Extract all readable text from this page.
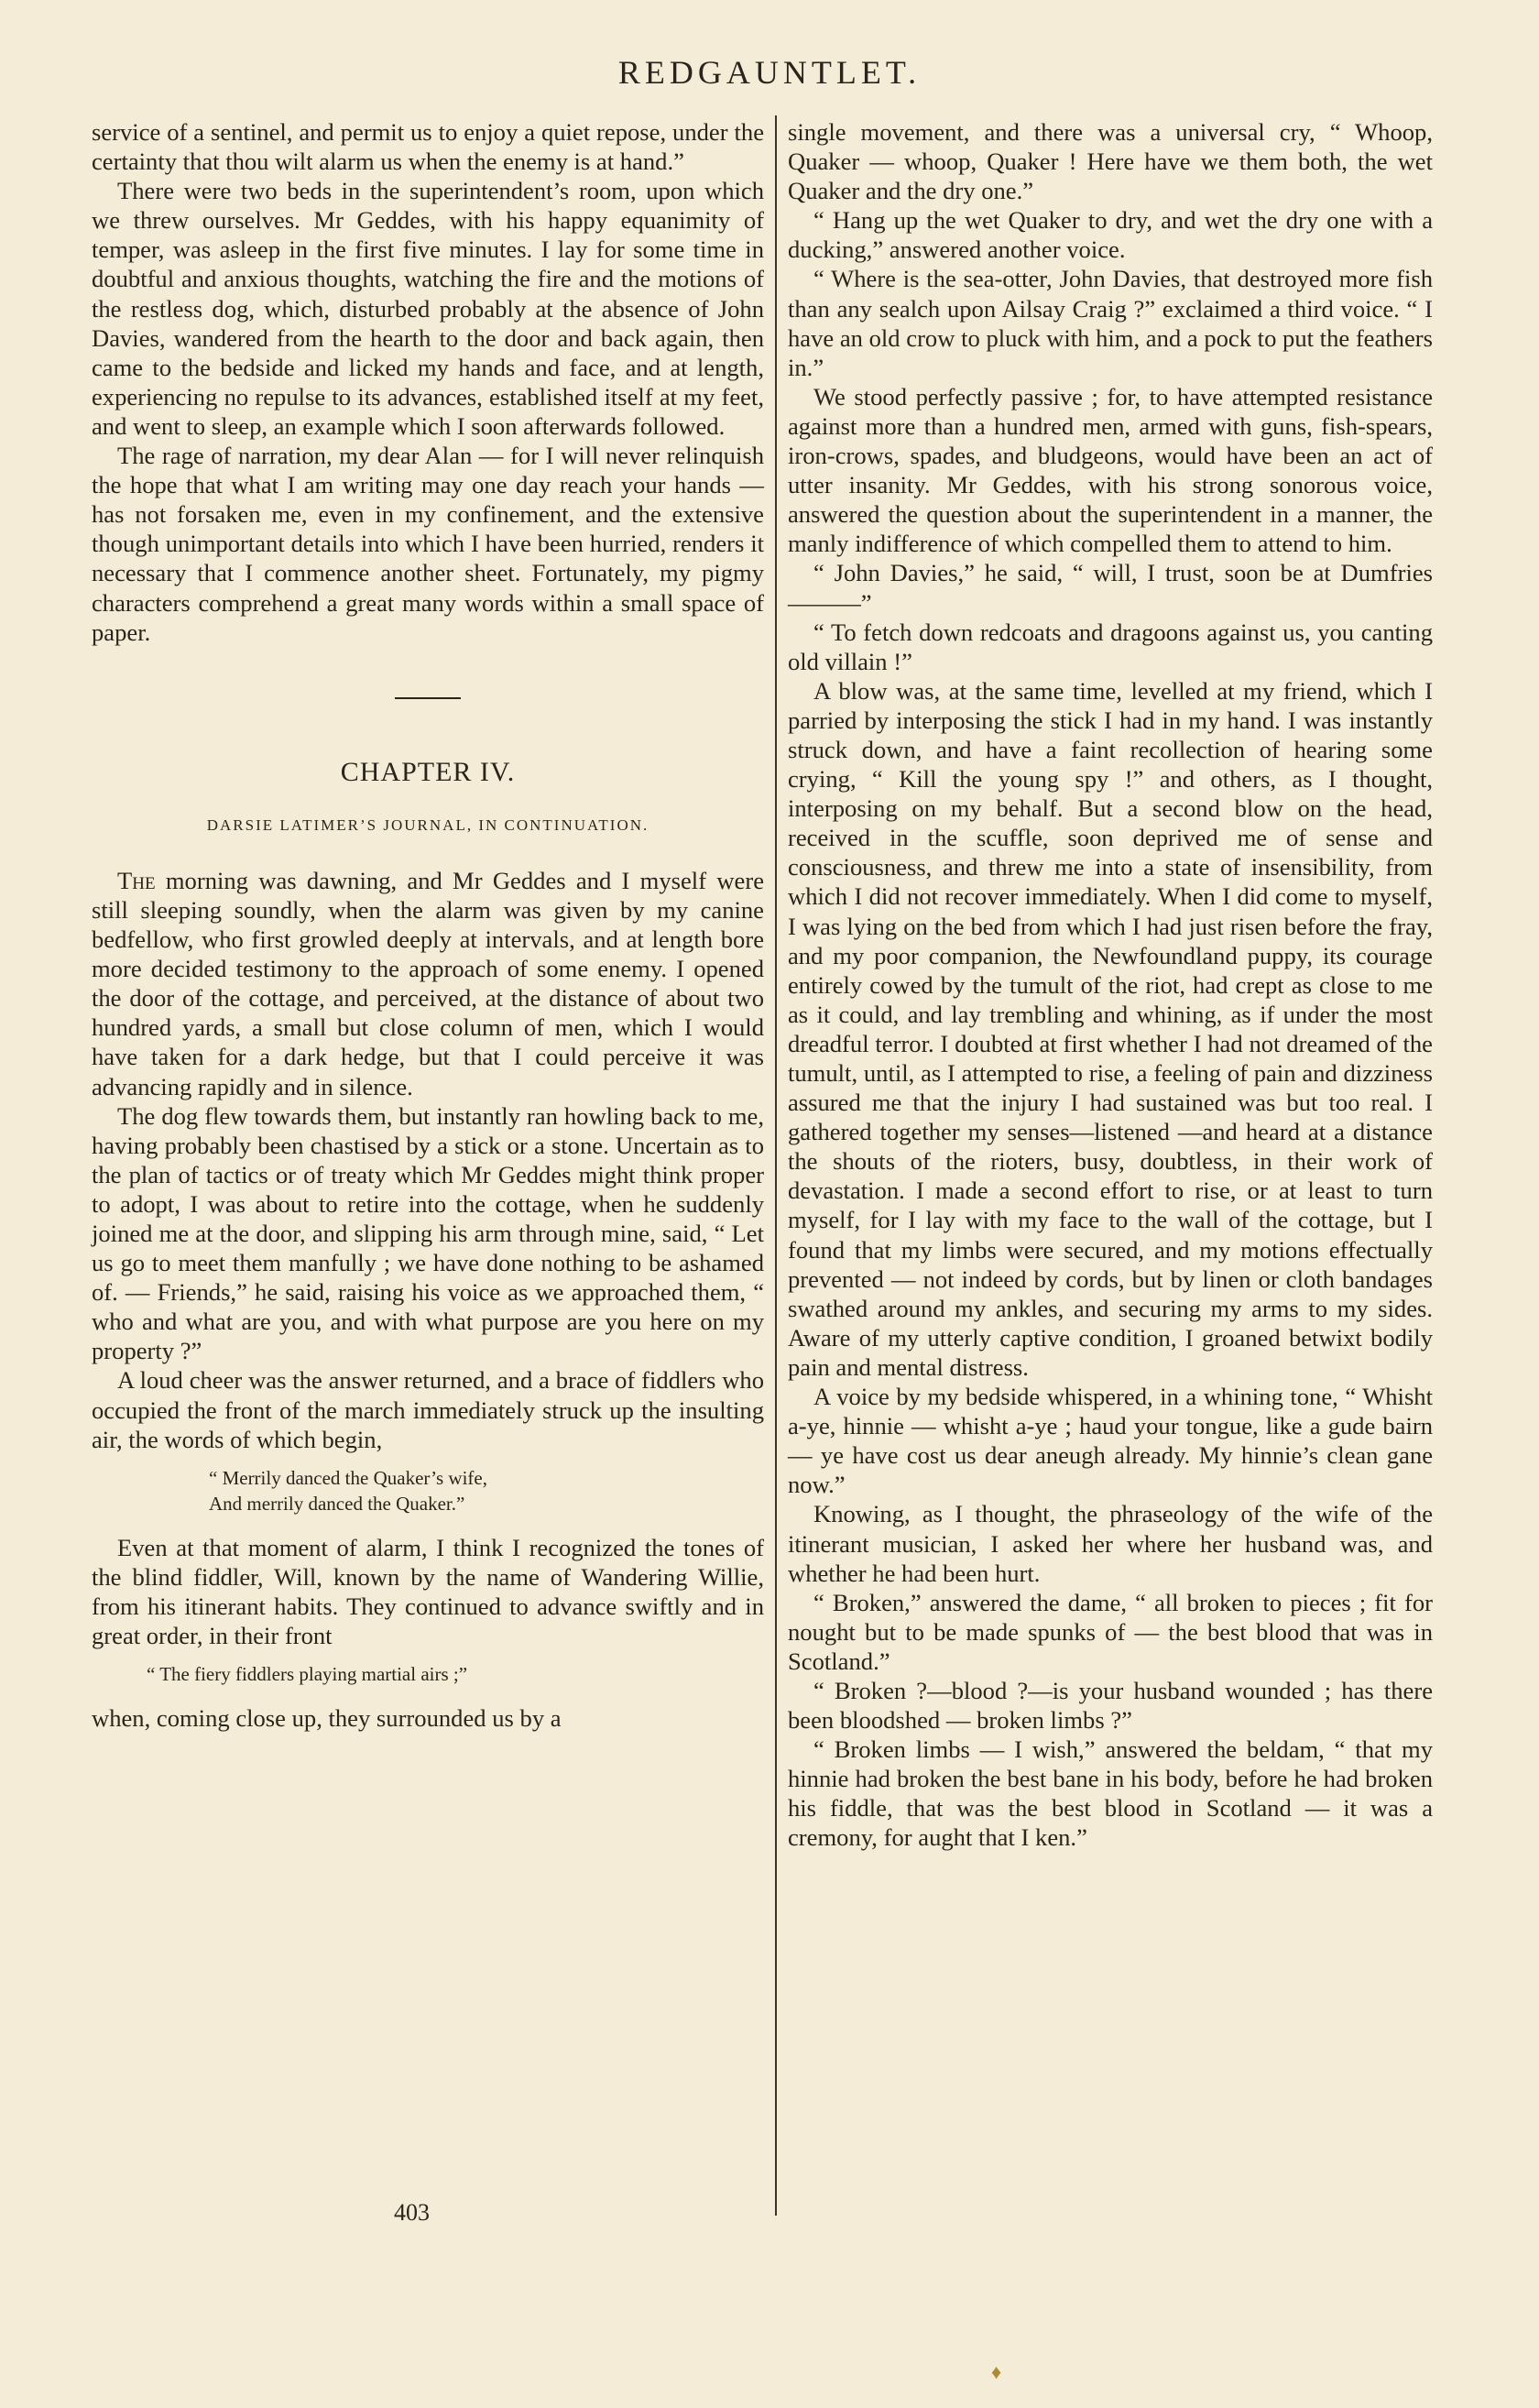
REDGAUNTLET.

service of a sentinel, and permit us to enjoy a quiet repose, under the certainty that thou wilt alarm us when the enemy is at hand.”

There were two beds in the superintendent’s room, upon which we threw ourselves. Mr Geddes, with his happy equanimity of temper, was asleep in the first five minutes. I lay for some time in doubtful and anxious thoughts, watching the fire and the motions of the restless dog, which, disturbed probably at the absence of John Davies, wandered from the hearth to the door and back again, then came to the bedside and licked my hands and face, and at length, experiencing no repulse to its advances, established itself at my feet, and went to sleep, an example which I soon afterwards followed.

The rage of narration, my dear Alan — for I will never relinquish the hope that what I am writing may one day reach your hands — has not forsaken me, even in my confinement, and the extensive though unimportant details into which I have been hurried, renders it necessary that I commence another sheet. Fortunately, my pigmy characters comprehend a great many words within a small space of paper.

CHAPTER IV.
DARSIE LATIMER’S JOURNAL, IN CONTINUATION.

The morning was dawning, and Mr Geddes and I myself were still sleeping soundly, when the alarm was given by my canine bedfellow, who first growled deeply at intervals, and at length bore more decided testimony to the approach of some enemy. I opened the door of the cottage, and perceived, at the distance of about two hundred yards, a small but close column of men, which I would have taken for a dark hedge, but that I could perceive it was advancing rapidly and in silence.

The dog flew towards them, but instantly ran howling back to me, having probably been chastised by a stick or a stone. Uncertain as to the plan of tactics or of treaty which Mr Geddes might think proper to adopt, I was about to retire into the cottage, when he suddenly joined me at the door, and slipping his arm through mine, said, “ Let us go to meet them manfully ; we have done nothing to be ashamed of. — Friends,” he said, raising his voice as we approached them, “ who and what are you, and with what purpose are you here on my property ?”

A loud cheer was the answer returned, and a brace of fiddlers who occupied the front of the march immediately struck up the insulting air, the words of which begin,

“ Merrily danced the Quaker’s wife,
And merrily danced the Quaker.”

Even at that moment of alarm, I think I recognized the tones of the blind fiddler, Will, known by the name of Wandering Willie, from his itinerant habits. They continued to advance swiftly and in great order, in their front

“ The fiery fiddlers playing martial airs ;”

when, coming close up, they surrounded us by a

403

single movement, and there was a universal cry, “ Whoop, Quaker — whoop, Quaker ! Here have we them both, the wet Quaker and the dry one.”

“ Hang up the wet Quaker to dry, and wet the dry one with a ducking,” answered another voice.

“ Where is the sea-otter, John Davies, that destroyed more fish than any sealch upon Ailsay Craig ?” exclaimed a third voice. “ I have an old crow to pluck with him, and a pock to put the feathers in.”

We stood perfectly passive ; for, to have attempted resistance against more than a hundred men, armed with guns, fish-spears, iron-crows, spades, and bludgeons, would have been an act of utter insanity. Mr Geddes, with his strong sonorous voice, answered the question about the superintendent in a manner, the manly indifference of which compelled them to attend to him.

“ John Davies,” he said, “ will, I trust, soon be at Dumfries———”

“ To fetch down redcoats and dragoons against us, you canting old villain !”

A blow was, at the same time, levelled at my friend, which I parried by interposing the stick I had in my hand. I was instantly struck down, and have a faint recollection of hearing some crying, “ Kill the young spy !” and others, as I thought, interposing on my behalf. But a second blow on the head, received in the scuffle, soon deprived me of sense and consciousness, and threw me into a state of insensibility, from which I did not recover immediately. When I did come to myself, I was lying on the bed from which I had just risen before the fray, and my poor companion, the Newfoundland puppy, its courage entirely cowed by the tumult of the riot, had crept as close to me as it could, and lay trembling and whining, as if under the most dreadful terror. I doubted at first whether I had not dreamed of the tumult, until, as I attempted to rise, a feeling of pain and dizziness assured me that the injury I had sustained was but too real. I gathered together my senses—listened —and heard at a distance the shouts of the rioters, busy, doubtless, in their work of devastation. I made a second effort to rise, or at least to turn myself, for I lay with my face to the wall of the cottage, but I found that my limbs were secured, and my motions effectually prevented — not indeed by cords, but by linen or cloth bandages swathed around my ankles, and securing my arms to my sides. Aware of my utterly captive condition, I groaned betwixt bodily pain and mental distress.

A voice by my bedside whispered, in a whining tone, “ Whisht a-ye, hinnie — whisht a-ye ; haud your tongue, like a gude bairn — ye have cost us dear aneugh already. My hinnie’s clean gane now.”

Knowing, as I thought, the phraseology of the wife of the itinerant musician, I asked her where her husband was, and whether he had been hurt.

“ Broken,” answered the dame, “ all broken to pieces ; fit for nought but to be made spunks of — the best blood that was in Scotland.”

“ Broken ?—blood ?—is your husband wounded ; has there been bloodshed — broken limbs ?”

“ Broken limbs — I wish,” answered the beldam, “ that my hinnie had broken the best bane in his body, before he had broken his fiddle, that was the best blood in Scotland — it was a cremony, for aught that I ken.”

♦
